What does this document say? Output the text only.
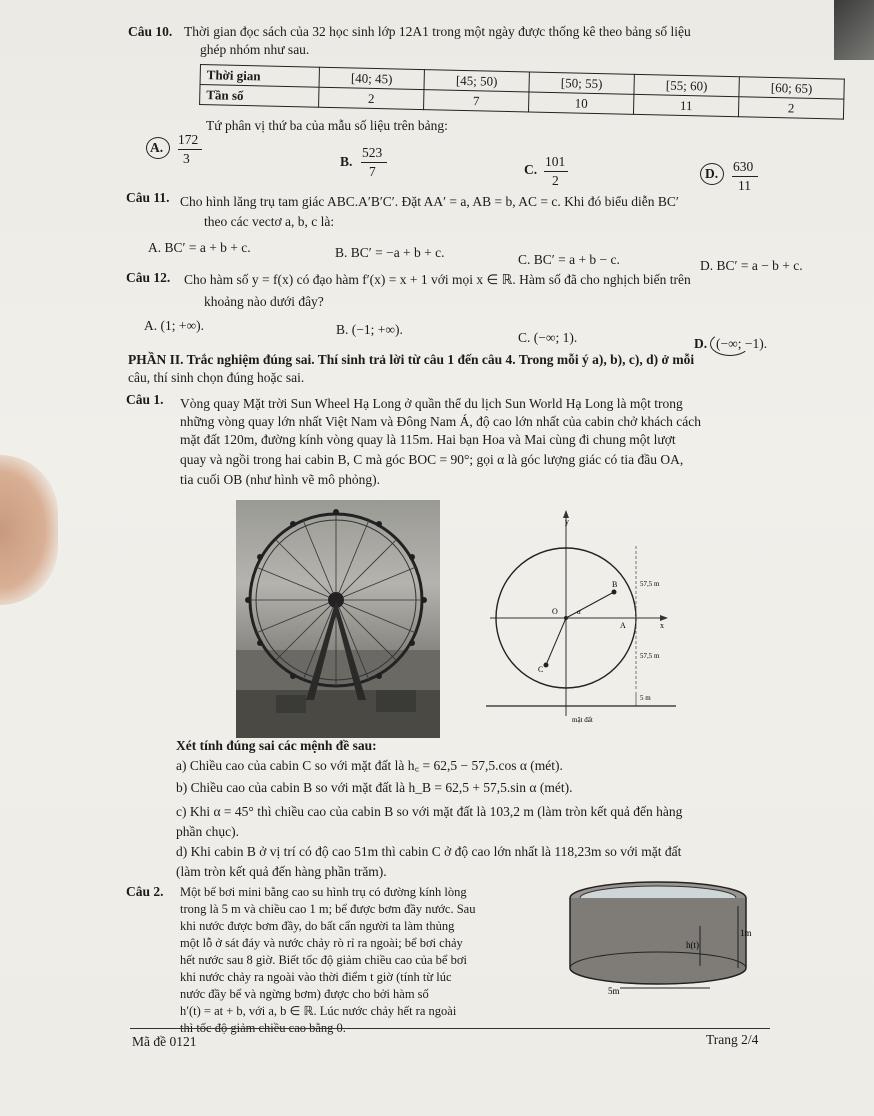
Câu 10. Thời gian đọc sách của 32 học sinh lớp 12A1 trong một ngày được thống kê theo bảng số liệu
ghép nhóm như sau.
Thời gian	[40; 45)	[45; 50)	[50; 55)	[55; 60)	[60; 65)
Tần số	2	7	10	11	2
Tứ phân vị thứ ba của mẫu số liệu trên bảng:
A.
172
3	B.
523
7	C.
101
2	D. 630
11
Câu 11. Cho hình lăng trụ tam giác ABC.A′B′C′. Đặt AA′ = a, AB = b, AC = c. Khi đó biểu diễn BC′
theo các vectơ a, b, c là:
A. BC′ = a + b + c.	B. BC′ = −a + b + c.	C. BC′ = a + b − c.	D. BC′ = a − b + c.
Câu 12. Cho hàm số y = f(x) có đạo hàm f′(x) = x + 1 với mọi x ∈ ℝ. Hàm số đã cho nghịch biến trên
khoảng nào dưới đây?
A. (1; +∞).	B. (−1; +∞).
C. (−∞; 1).	D. (−∞; −1).
PHẦN II. Trắc nghiệm đúng sai. Thí sinh trả lời từ câu 1 đến câu 4. Trong mỗi ý a), b), c), d) ở mỗi
câu, thí sinh chọn đúng hoặc sai.
Câu 1. Vòng quay Mặt trời Sun Wheel Hạ Long ở quần thể du lịch Sun World Hạ Long là một trong
những vòng quay lớn nhất Việt Nam và Đông Nam Á, độ cao lớn nhất của cabin chở khách cách
mặt đất 120m, đường kính vòng quay là 115m. Hai bạn Hoa và Mai cùng đi chung một lượt
quay và ngồi trong hai cabin B, C mà góc BOC = 90°; gọi α là góc lượng giác có tia đầu OA,
tia cuối OB (như hình vẽ mô phỏng).
y
B
O	α
A	x
C
57,5 m
57,5 m
5 m
mặt đất
Xét tính đúng sai các mệnh đề sau:
a) Chiều cao của cabin C so với mặt đất là h꜀ = 62,5 − 57,5.cos α (mét).
b) Chiều cao của cabin B so với mặt đất là h_B = 62,5 + 57,5.sin α (mét).
c) Khi α = 45° thì chiều cao của cabin B so với mặt đất là 103,2 m (làm tròn kết quả đến hàng
phần chục).
d) Khi cabin B ở vị trí có độ cao 51m thì cabin C ở độ cao lớn nhất là 118,23m so với mặt đất
(làm tròn kết quả đến hàng phần trăm).
Câu 2. Một bể bơi mini bằng cao su hình trụ có đường kính lòng
trong là 5 m và chiều cao 1 m; bể được bơm đầy nước. Sau
khi nước được bơm đầy, do bất cẩn người ta làm thủng
một lỗ ở sát đáy và nước chảy rò rỉ ra ngoài; bể bơi chảy
hết nước sau 8 giờ. Biết tốc độ giảm chiều cao của bể bơi
khi nước chảy ra ngoài vào thời điểm t giờ (tính từ lúc
nước đầy bể và ngừng bơm) được cho bởi hàm số
h′(t) = at + b, với a, b ∈ ℝ. Lúc nước chảy hết ra ngoài
thì tốc độ giảm chiều cao bằng 0.
1m
h(t)
5m
Mã đề 0121	Trang 2/4
